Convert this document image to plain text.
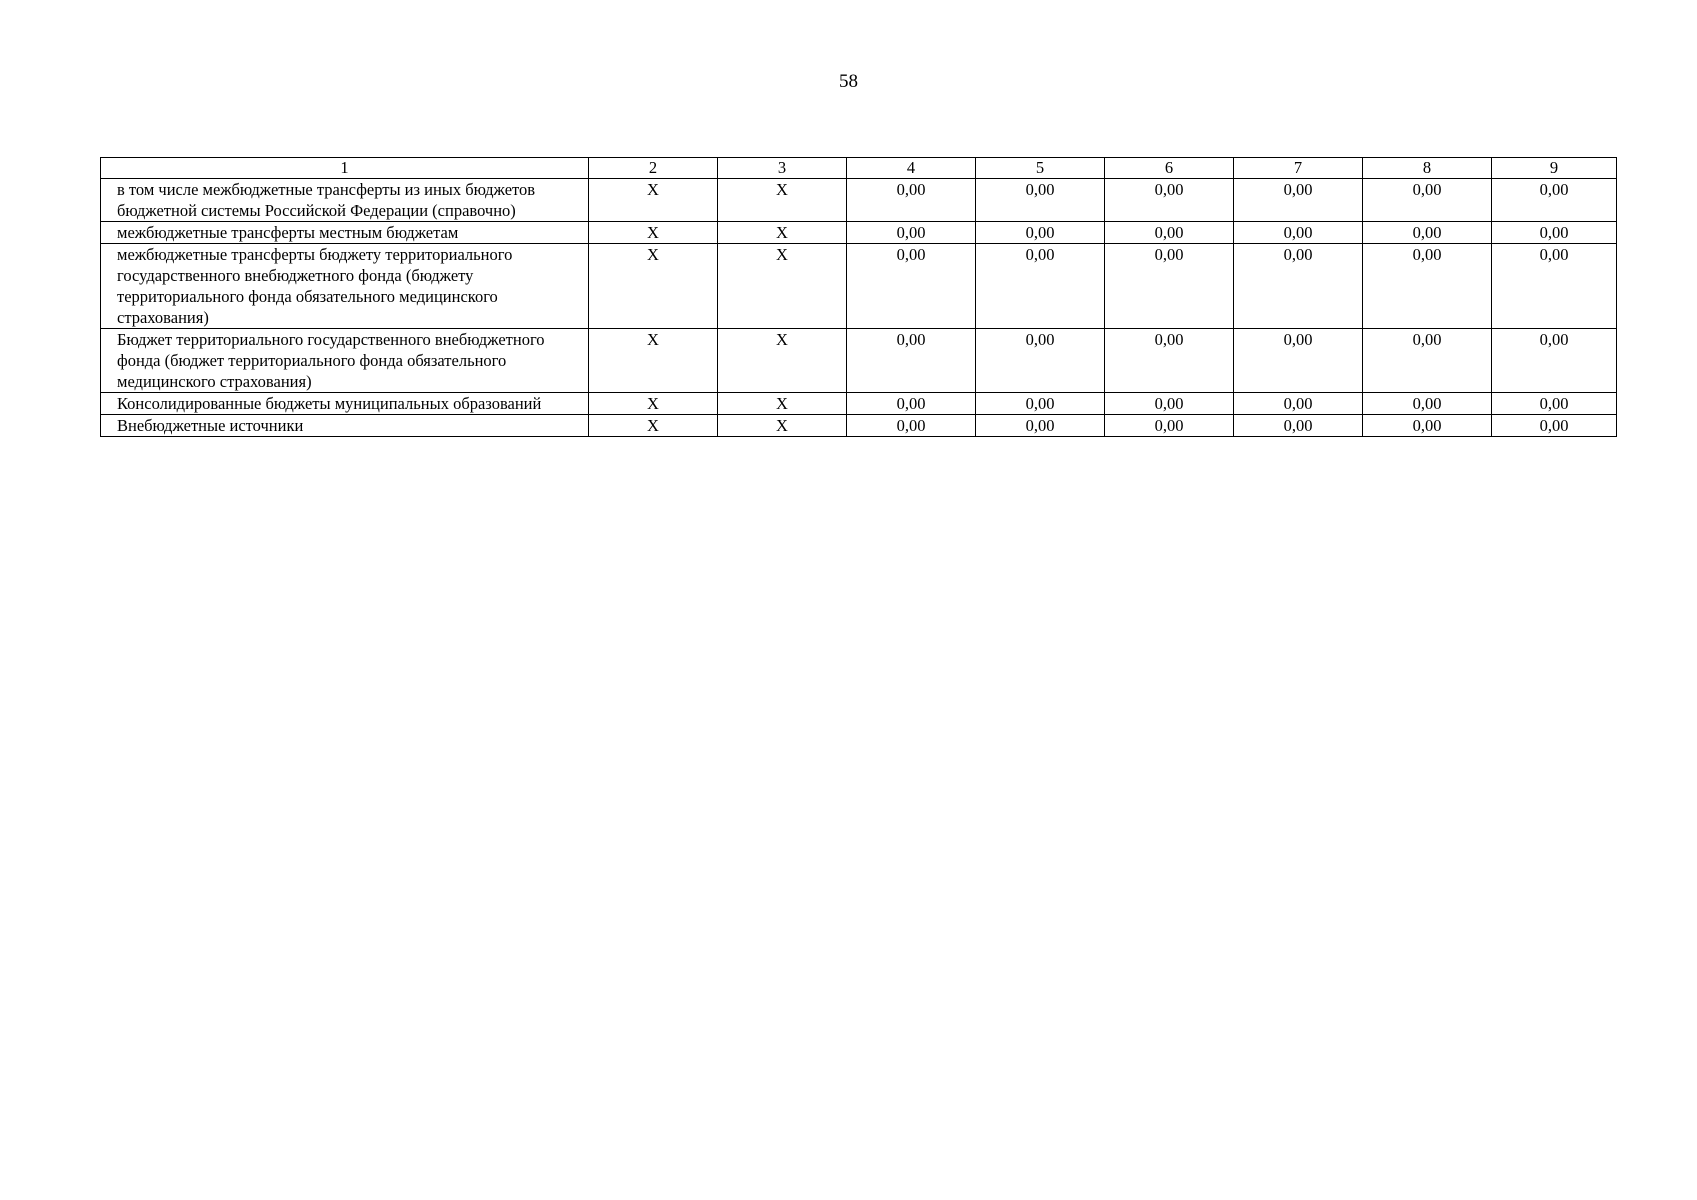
58
1	2	3	4	5	6	7	8	9
в том числе межбюджетные трансферты из иных бюджетов бюджетной системы Российской Федерации (справочно)	X	X	0,00	0,00	0,00	0,00	0,00	0,00
межбюджетные трансферты местным бюджетам	X	X	0,00	0,00	0,00	0,00	0,00	0,00
межбюджетные трансферты бюджету территориального государственного внебюджетного фонда (бюджету территориального фонда обязательного медицинского страхования)	X	X	0,00	0,00	0,00	0,00	0,00	0,00
Бюджет территориального государственного внебюджетного фонда (бюджет территориального фонда обязательного медицинского страхования)	X	X	0,00	0,00	0,00	0,00	0,00	0,00
Консолидированные бюджеты муниципальных образований	X	X	0,00	0,00	0,00	0,00	0,00	0,00
Внебюджетные источники	X	X	0,00	0,00	0,00	0,00	0,00	0,00
